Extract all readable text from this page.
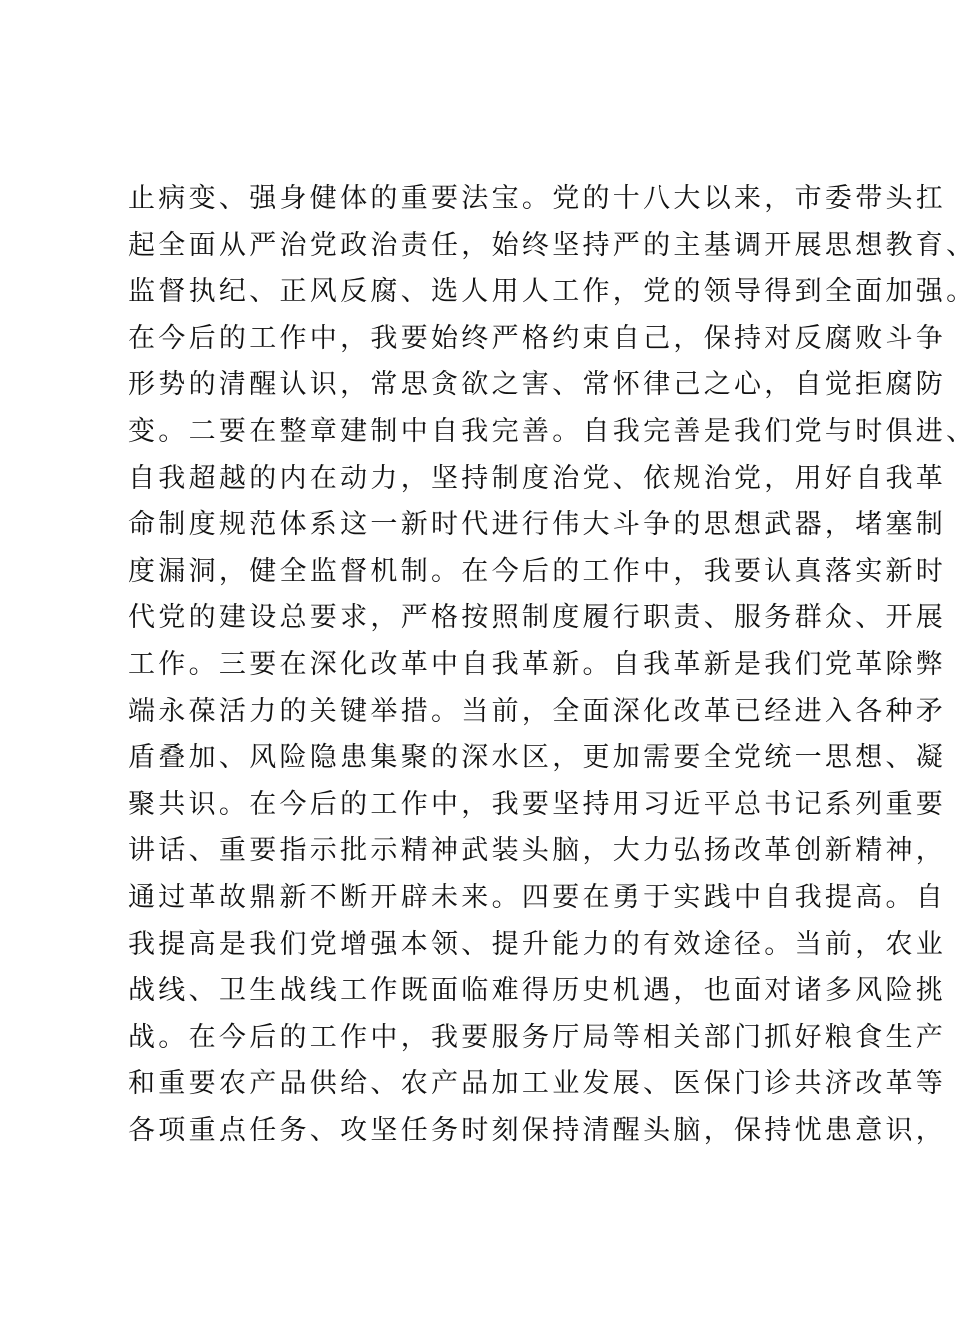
止病变、强身健体的重要法宝。党的十八大以来，市委带头扛
起全面从严治党政治责任，始终坚持严的主基调开展思想教育、
监督执纪、正风反腐、选人用人工作，党的领导得到全面加强。
在今后的工作中，我要始终严格约束自己，保持对反腐败斗争
形势的清醒认识，常思贪欲之害、常怀律己之心，自觉拒腐防
变。二要在整章建制中自我完善。自我完善是我们党与时俱进、
自我超越的内在动力，坚持制度治党、依规治党，用好自我革
命制度规范体系这一新时代进行伟大斗争的思想武器，堵塞制
度漏洞，健全监督机制。在今后的工作中，我要认真落实新时
代党的建设总要求，严格按照制度履行职责、服务群众、开展
工作。三要在深化改革中自我革新。自我革新是我们党革除弊
端永葆活力的关键举措。当前，全面深化改革已经进入各种矛
盾叠加、风险隐患集聚的深水区，更加需要全党统一思想、凝
聚共识。在今后的工作中，我要坚持用习近平总书记系列重要
讲话、重要指示批示精神武装头脑，大力弘扬改革创新精神，
通过革故鼎新不断开辟未来。四要在勇于实践中自我提高。自
我提高是我们党增强本领、提升能力的有效途径。当前，农业
战线、卫生战线工作既面临难得历史机遇，也面对诸多风险挑
战。在今后的工作中，我要服务厅局等相关部门抓好粮食生产
和重要农产品供给、农产品加工业发展、医保门诊共济改革等
各项重点任务、攻坚任务时刻保持清醒头脑，保持忧患意识，
